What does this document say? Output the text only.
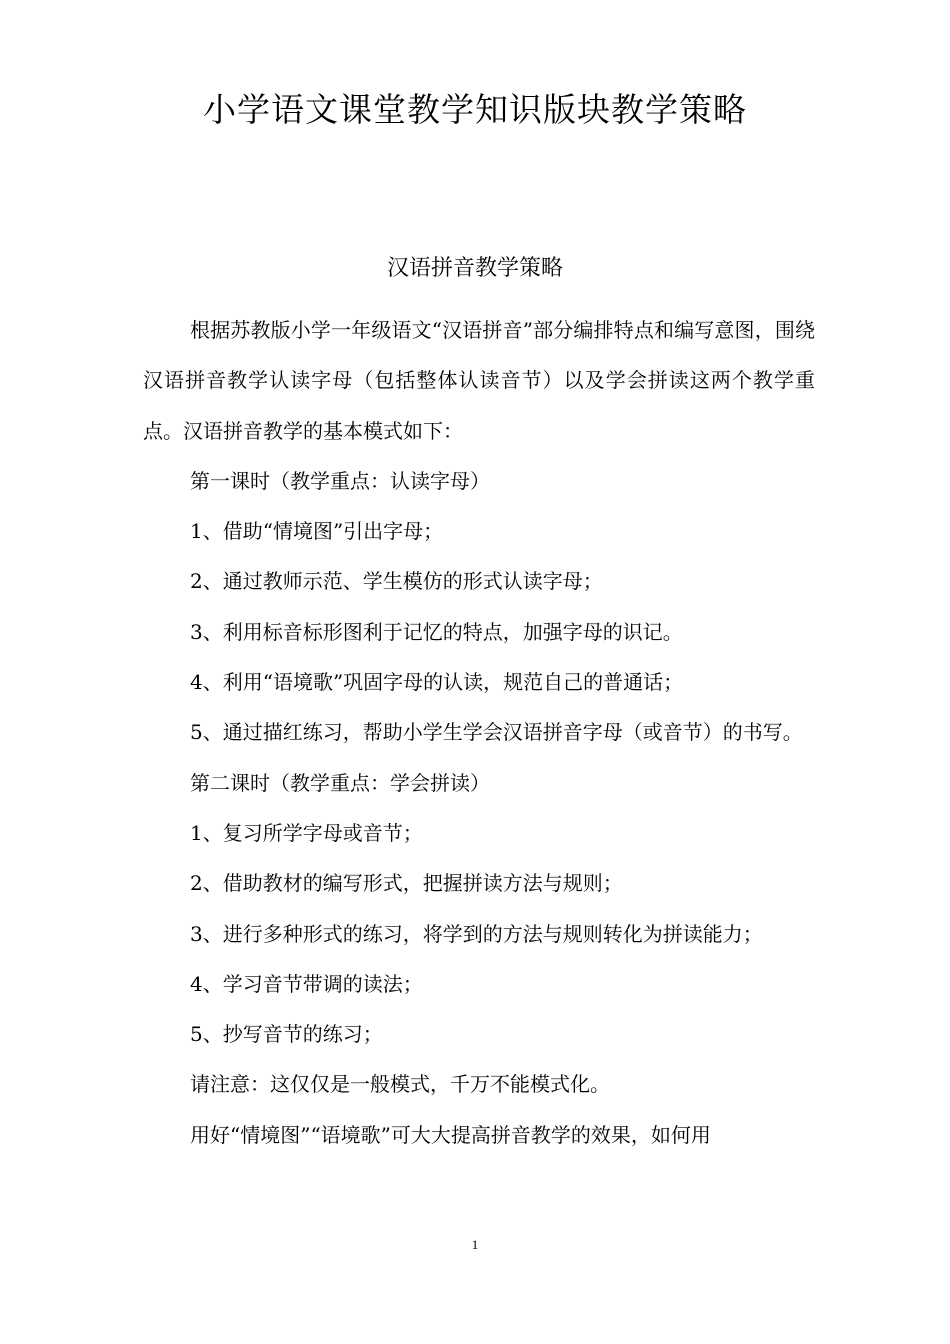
小学语文课堂教学知识版块教学策略
汉语拼音教学策略

根据苏教版小学一年级语文“汉语拼音”部分编排特点和编写意图，围绕汉语拼音教学认读字母（包括整体认读音节）以及学会拼读这两个教学重点。汉语拼音教学的基本模式如下：

第一课时（教学重点：认读字母）

1、借助“情境图”引出字母；

2、通过教师示范、学生模仿的形式认读字母；

3、利用标音标形图利于记忆的特点，加强字母的识记。

4、利用“语境歌”巩固字母的认读，规范自己的普通话；

5、通过描红练习，帮助小学生学会汉语拼音字母（或音节）的书写。

第二课时（教学重点：学会拼读）

1、复习所学字母或音节；

2、借助教材的编写形式，把握拼读方法与规则；

3、进行多种形式的练习，将学到的方法与规则转化为拼读能力；

4、学习音节带调的读法；

5、抄写音节的练习；

请注意：这仅仅是一般模式，千万不能模式化。

用好“情境图”“语境歌”可大大提高拼音教学的效果，如何用

1
